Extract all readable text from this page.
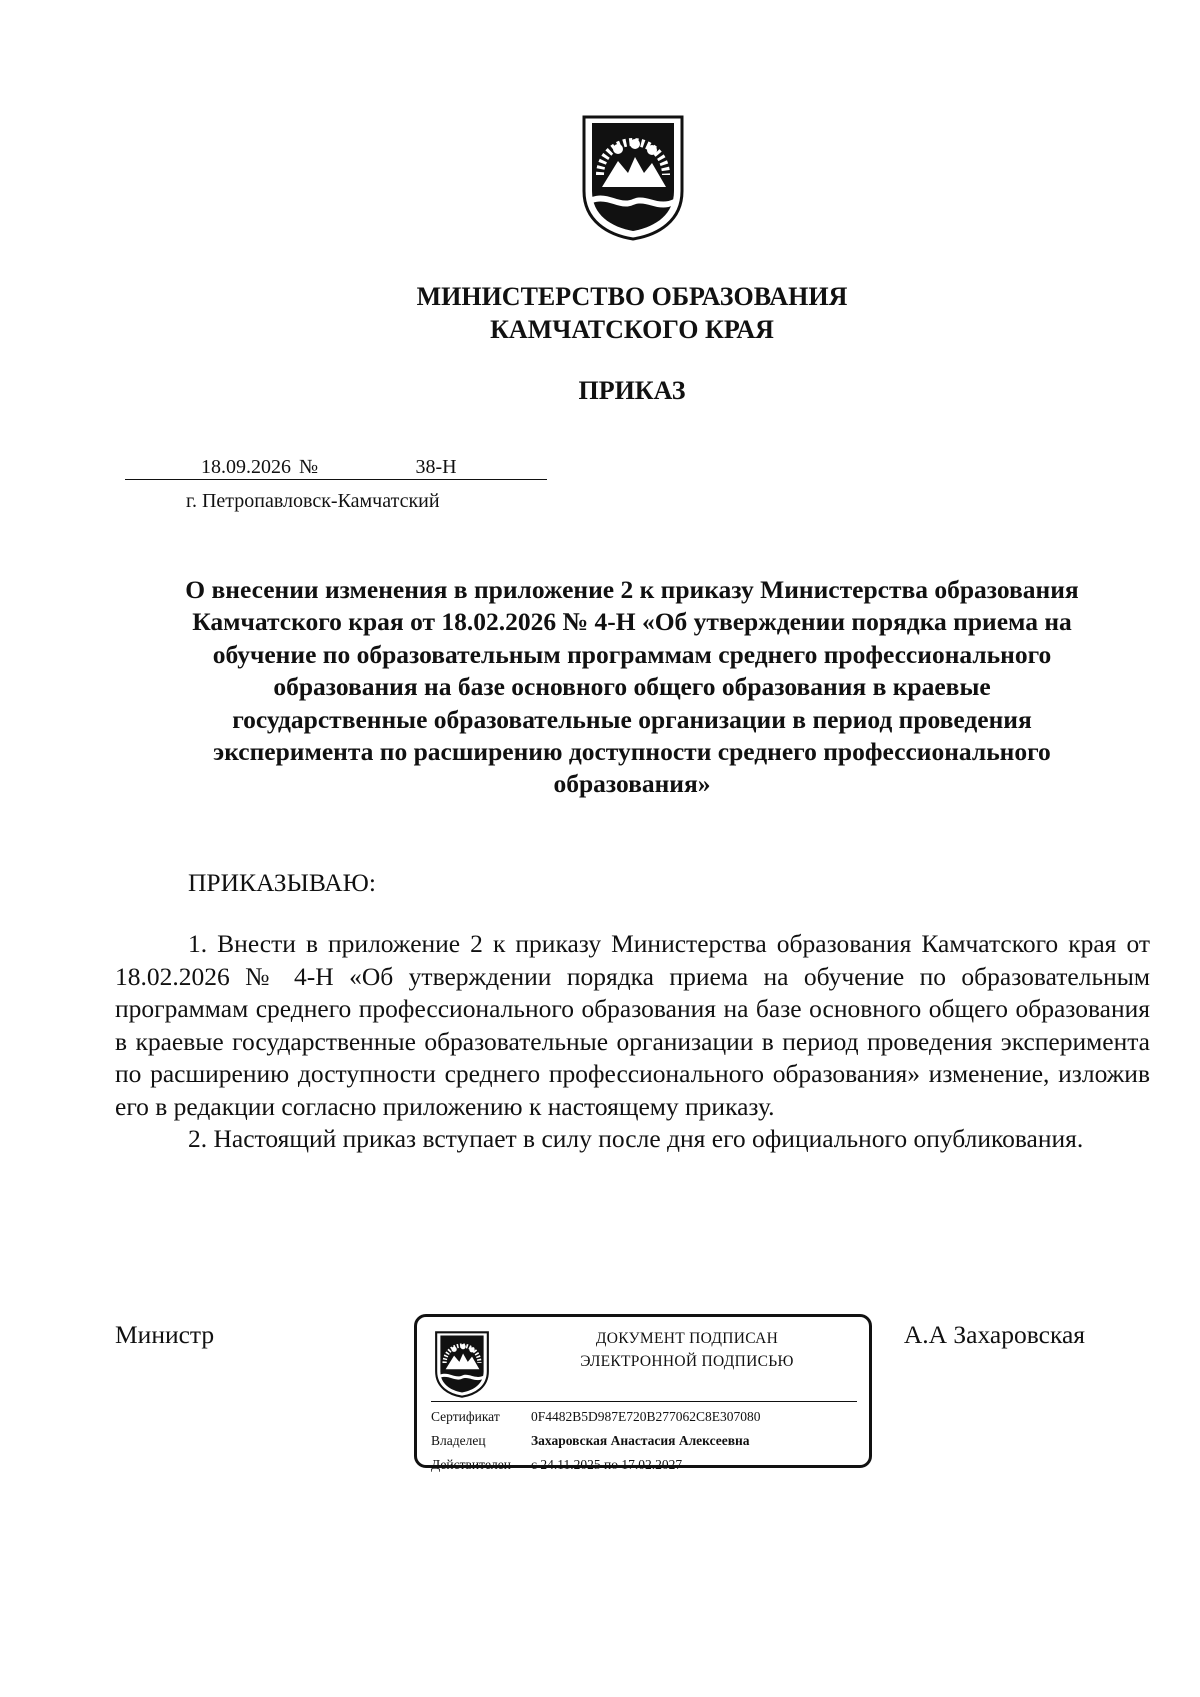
МИНИСТЕРСТВО ОБРАЗОВАНИЯ
КАМЧАТСКОГО КРАЯ
ПРИКАЗ
18.09.2026 №	38-Н
г. Петропавловск-Камчатский
О внесении изменения в приложение 2 к приказу Министерства образования
Камчатского края от 18.02.2026 № 4-Н «Об утверждении порядка приема на
обучение по образовательным программам среднего профессионального
образования на базе основного общего образования в краевые
государственные образовательные организации в период проведения
эксперимента по расширению доступности среднего профессионального
образования»
ПРИКАЗЫВАЮ:

1. Внести в приложение 2 к приказу Министерства образования Камчатского края от 18.02.2026 № 4-Н «Об утверждении порядка приема на обучение по образовательным программам среднего профессионального образования на базе основного общего образования в краевые государственные образовательные организации в период проведения эксперимента по расширению доступности среднего профессионального образования» изменение, изложив его в редакции согласно приложению к настоящему приказу.

2. Настоящий приказ вступает в силу после дня его официального опубликования.

Министр	А.А Захаровская
ДОКУМЕНТ ПОДПИСАН
ЭЛЕКТРОННОЙ ПОДПИСЬЮ
Сертификат 0F4482B5D987E720B277062C8E307080
Владелец	Захаровская Анастасия Алексеевна
Действителен с 24.11.2025 по 17.02.2027
